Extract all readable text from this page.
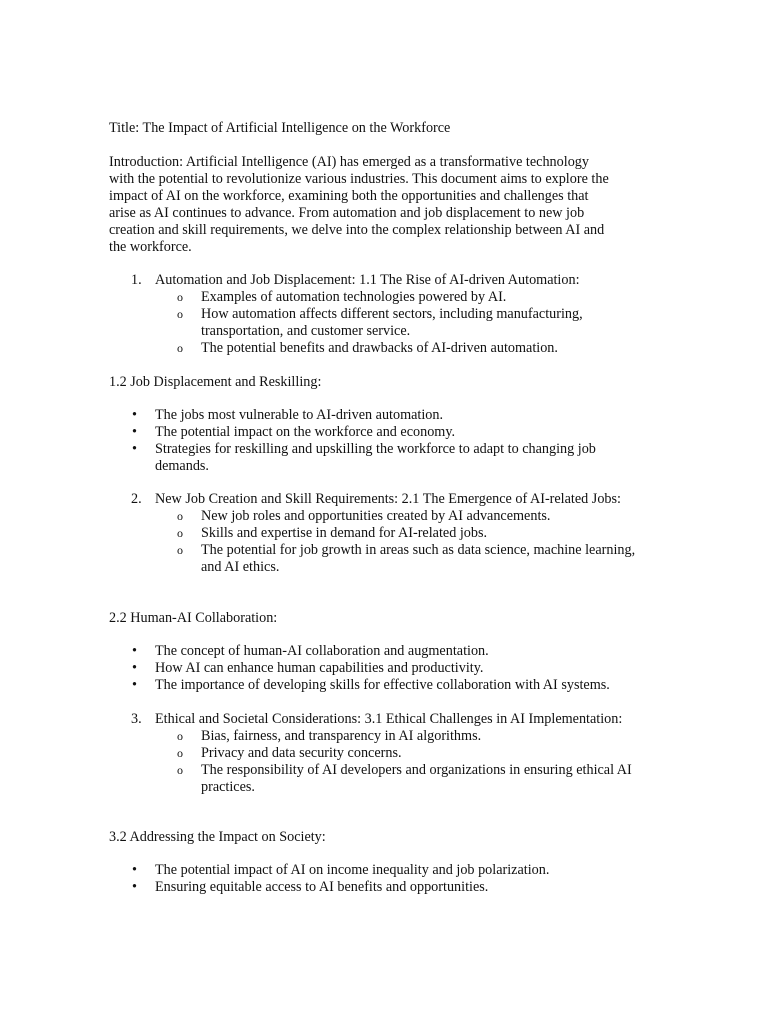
Title: The Impact of Artificial Intelligence on the Workforce
Introduction: Artificial Intelligence (AI) has emerged as a transformative technology
with the potential to revolutionize various industries. This document aims to explore the
impact of AI on the workforce, examining both the opportunities and challenges that
arise as AI continues to advance. From automation and job displacement to new job
creation and skill requirements, we delve into the complex relationship between AI and
the workforce.
1. Automation and Job Displacement: 1.1 The Rise of AI-driven Automation:
o Examples of automation technologies powered by AI.
o How automation affects different sectors, including manufacturing, transportation, and customer service.
o The potential benefits and drawbacks of AI-driven automation.
1.2 Job Displacement and Reskilling:
• The jobs most vulnerable to AI-driven automation.
• The potential impact on the workforce and economy.
• Strategies for reskilling and upskilling the workforce to adapt to changing job demands.
2. New Job Creation and Skill Requirements: 2.1 The Emergence of AI-related Jobs:
o New job roles and opportunities created by AI advancements.
o Skills and expertise in demand for AI-related jobs.
o The potential for job growth in areas such as data science, machine learning, and AI ethics.
2.2 Human-AI Collaboration:
• The concept of human-AI collaboration and augmentation.
• How AI can enhance human capabilities and productivity.
• The importance of developing skills for effective collaboration with AI systems.
3. Ethical and Societal Considerations: 3.1 Ethical Challenges in AI Implementation:
o Bias, fairness, and transparency in AI algorithms.
o Privacy and data security concerns.
o The responsibility of AI developers and organizations in ensuring ethical AI practices.
3.2 Addressing the Impact on Society:
• The potential impact of AI on income inequality and job polarization.
• Ensuring equitable access to AI benefits and opportunities.
